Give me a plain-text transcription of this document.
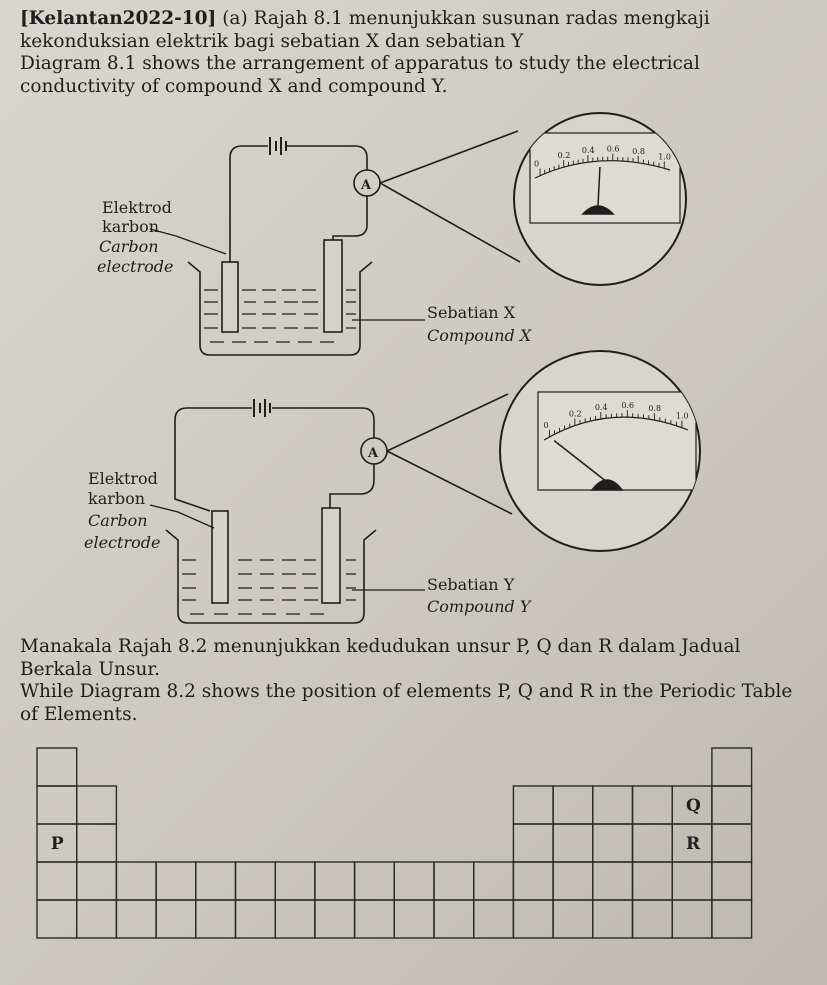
[Kelantan2022-10] (a) Rajah 8.1 menunjukkan susunan radas mengkaji kekonduksian elektrik bagi sebatian X dan sebatian Y
Diagram 8.1 shows the arrangement of apparatus to study the electrical conductivity of compound X and compound Y.
A
Elektrod
karbon
Carbon
electrode
Sebatian X
Compound X
0
0.2
0.4 0.6 0.8
1.0
A
Elektrod
karbon
Carbon
electrode
Sebatian Y
Compound Y
0
0.2
0.4 0.6 0.8
1.0
Manakala Rajah 8.2 menunjukkan kedudukan unsur P, Q dan R dalam Jadual Berkala Unsur.
While Diagram 8.2 shows the position of elements P, Q and R in the Periodic Table of Elements.
P
Q
R
